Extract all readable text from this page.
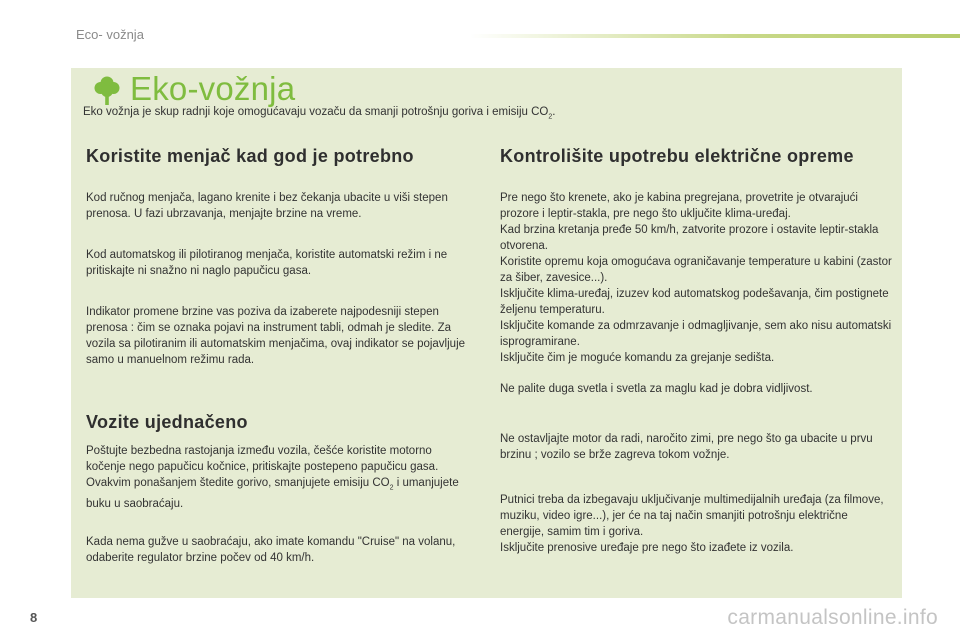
Eco- vožnja
Eko-vožnja
Eko vožnja je skup radnji koje omogućavaju vozaču da smanji potrošnju goriva i emisiju $CO_2$.
Koristite menjač kad god je potrebno

Kod ručnog menjača, lagano krenite i bez čekanja ubacite u viši stepen prenosa. U fazi ubrzavanja, menjajte brzine na vreme.

Kod automatskog ili pilotiranog menjača, koristite automatski režim i ne pritiskajte ni snažno ni naglo papučicu gasa.

Indikator promene brzine vas poziva da izaberete najpodesniji stepen prenosa : čim se oznaka pojavi na instrument tabli, odmah je sledite. Za vozila sa pilotiranim ili automatskim menjačima, ovaj indikator se pojavljuje samo u manuelnom režimu rada.

Vozite ujednačeno

Poštujte bezbedna rastojanja između vozila, češće koristite motorno kočenje nego papučicu kočnice, pritiskajte postepeno papučicu gasa. Ovakvim ponašanjem štedite gorivo, smanjujete emisiju $CO_2$ i umanjujete buku u saobraćaju.

Kada nema gužve u saobraćaju, ako imate komandu "Cruise" na volanu, odaberite regulator brzine počev od 40 km/h.

Kontrolišite upotrebu električne opreme
Pre nego što krenete, ako je kabina pregrejana, provetrite je otvarajući prozore i leptir-stakla, pre nego što uključite klima-uređaj.
Kad brzina kretanja pređe 50 km/h, zatvorite prozore i ostavite leptir-stakla otvorena.
Koristite opremu koja omogućava ograničavanje temperature u kabini (zastor za šiber, zavesice...).
Isključite klima-uređaj, izuzev kod automatskog podešavanja, čim postignete željenu temperaturu.
Isključite komande za odmrzavanje i odmagljivanje, sem ako nisu automatski isprogramirane.
Isključite čim je moguće komandu za grejanje sedišta.

Ne palite duga svetla i svetla za maglu kad je dobra vidljivost.

Ne ostavljajte motor da radi, naročito zimi, pre nego što ga ubacite u prvu brzinu ; vozilo se brže zagreva tokom vožnje.

Putnici treba da izbegavaju uključivanje multimedijalnih uređaja (za filmove, muziku, video igre...), jer će na taj način smanjiti potrošnju električne energije, samim tim i goriva.
Isključite prenosive uređaje pre nego što izađete iz vozila.
8	carmanualsonline.info
